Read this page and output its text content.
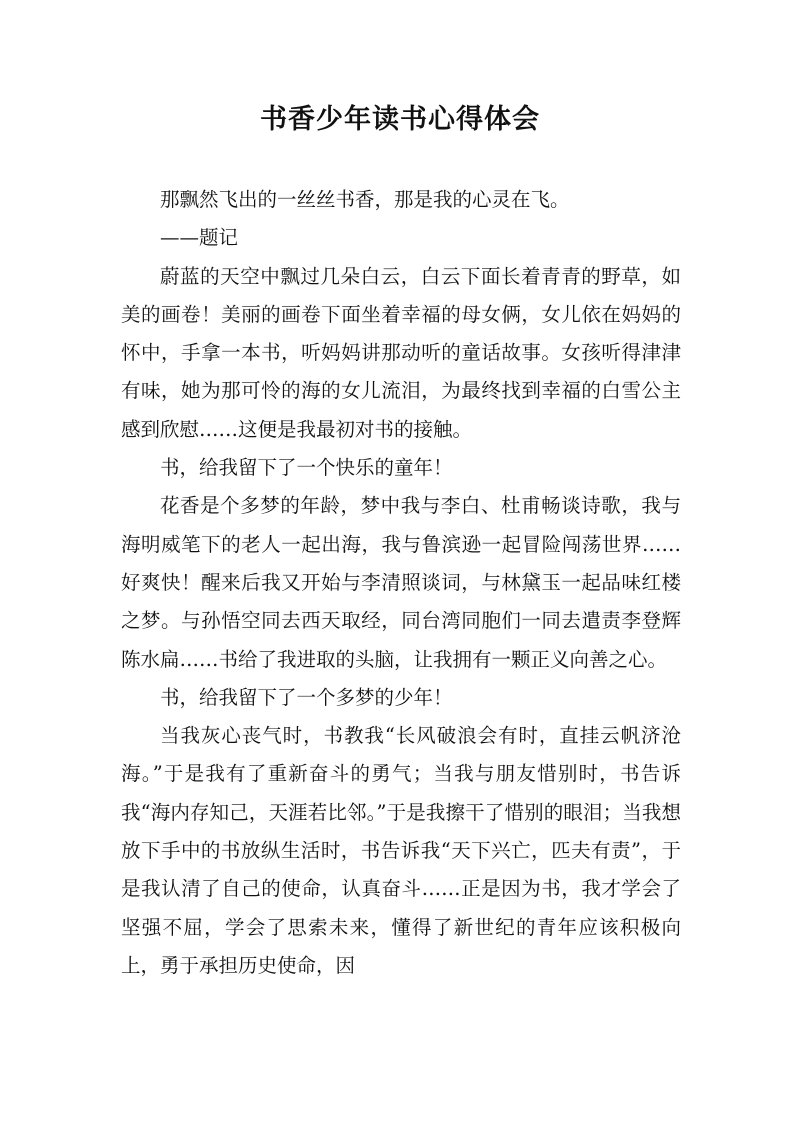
书香少年读书心得体会

那飘然飞出的一丝丝书香，那是我的心灵在飞。

——题记

蔚蓝的天空中飘过几朵白云，白云下面长着青青的野草，如美的画卷！美丽的画卷下面坐着幸福的母女俩，女儿依在妈妈的怀中，手拿一本书，听妈妈讲那动听的童话故事。女孩听得津津有味，她为那可怜的海的女儿流泪，为最终找到幸福的白雪公主感到欣慰……这便是我最初对书的接触。

书，给我留下了一个快乐的童年！

花香是个多梦的年龄，梦中我与李白、杜甫畅谈诗歌，我与海明威笔下的老人一起出海，我与鲁滨逊一起冒险闯荡世界……好爽快！醒来后我又开始与李清照谈词，与林黛玉一起品味红楼之梦。与孙悟空同去西天取经，同台湾同胞们一同去遣责李登辉陈水扁……书给了我进取的头脑，让我拥有一颗正义向善之心。

书，给我留下了一个多梦的少年！

当我灰心丧气时，书教我“长风破浪会有时，直挂云帆济沧海。”于是我有了重新奋斗的勇气；当我与朋友惜别时，书告诉我“海内存知己，天涯若比邻。”于是我擦干了惜别的眼泪；当我想放下手中的书放纵生活时，书告诉我“天下兴亡，匹夫有责”，于是我认清了自己的使命，认真奋斗……正是因为书，我才学会了坚强不屈，学会了思索未来，懂得了新世纪的青年应该积极向上，勇于承担历史使命，因
